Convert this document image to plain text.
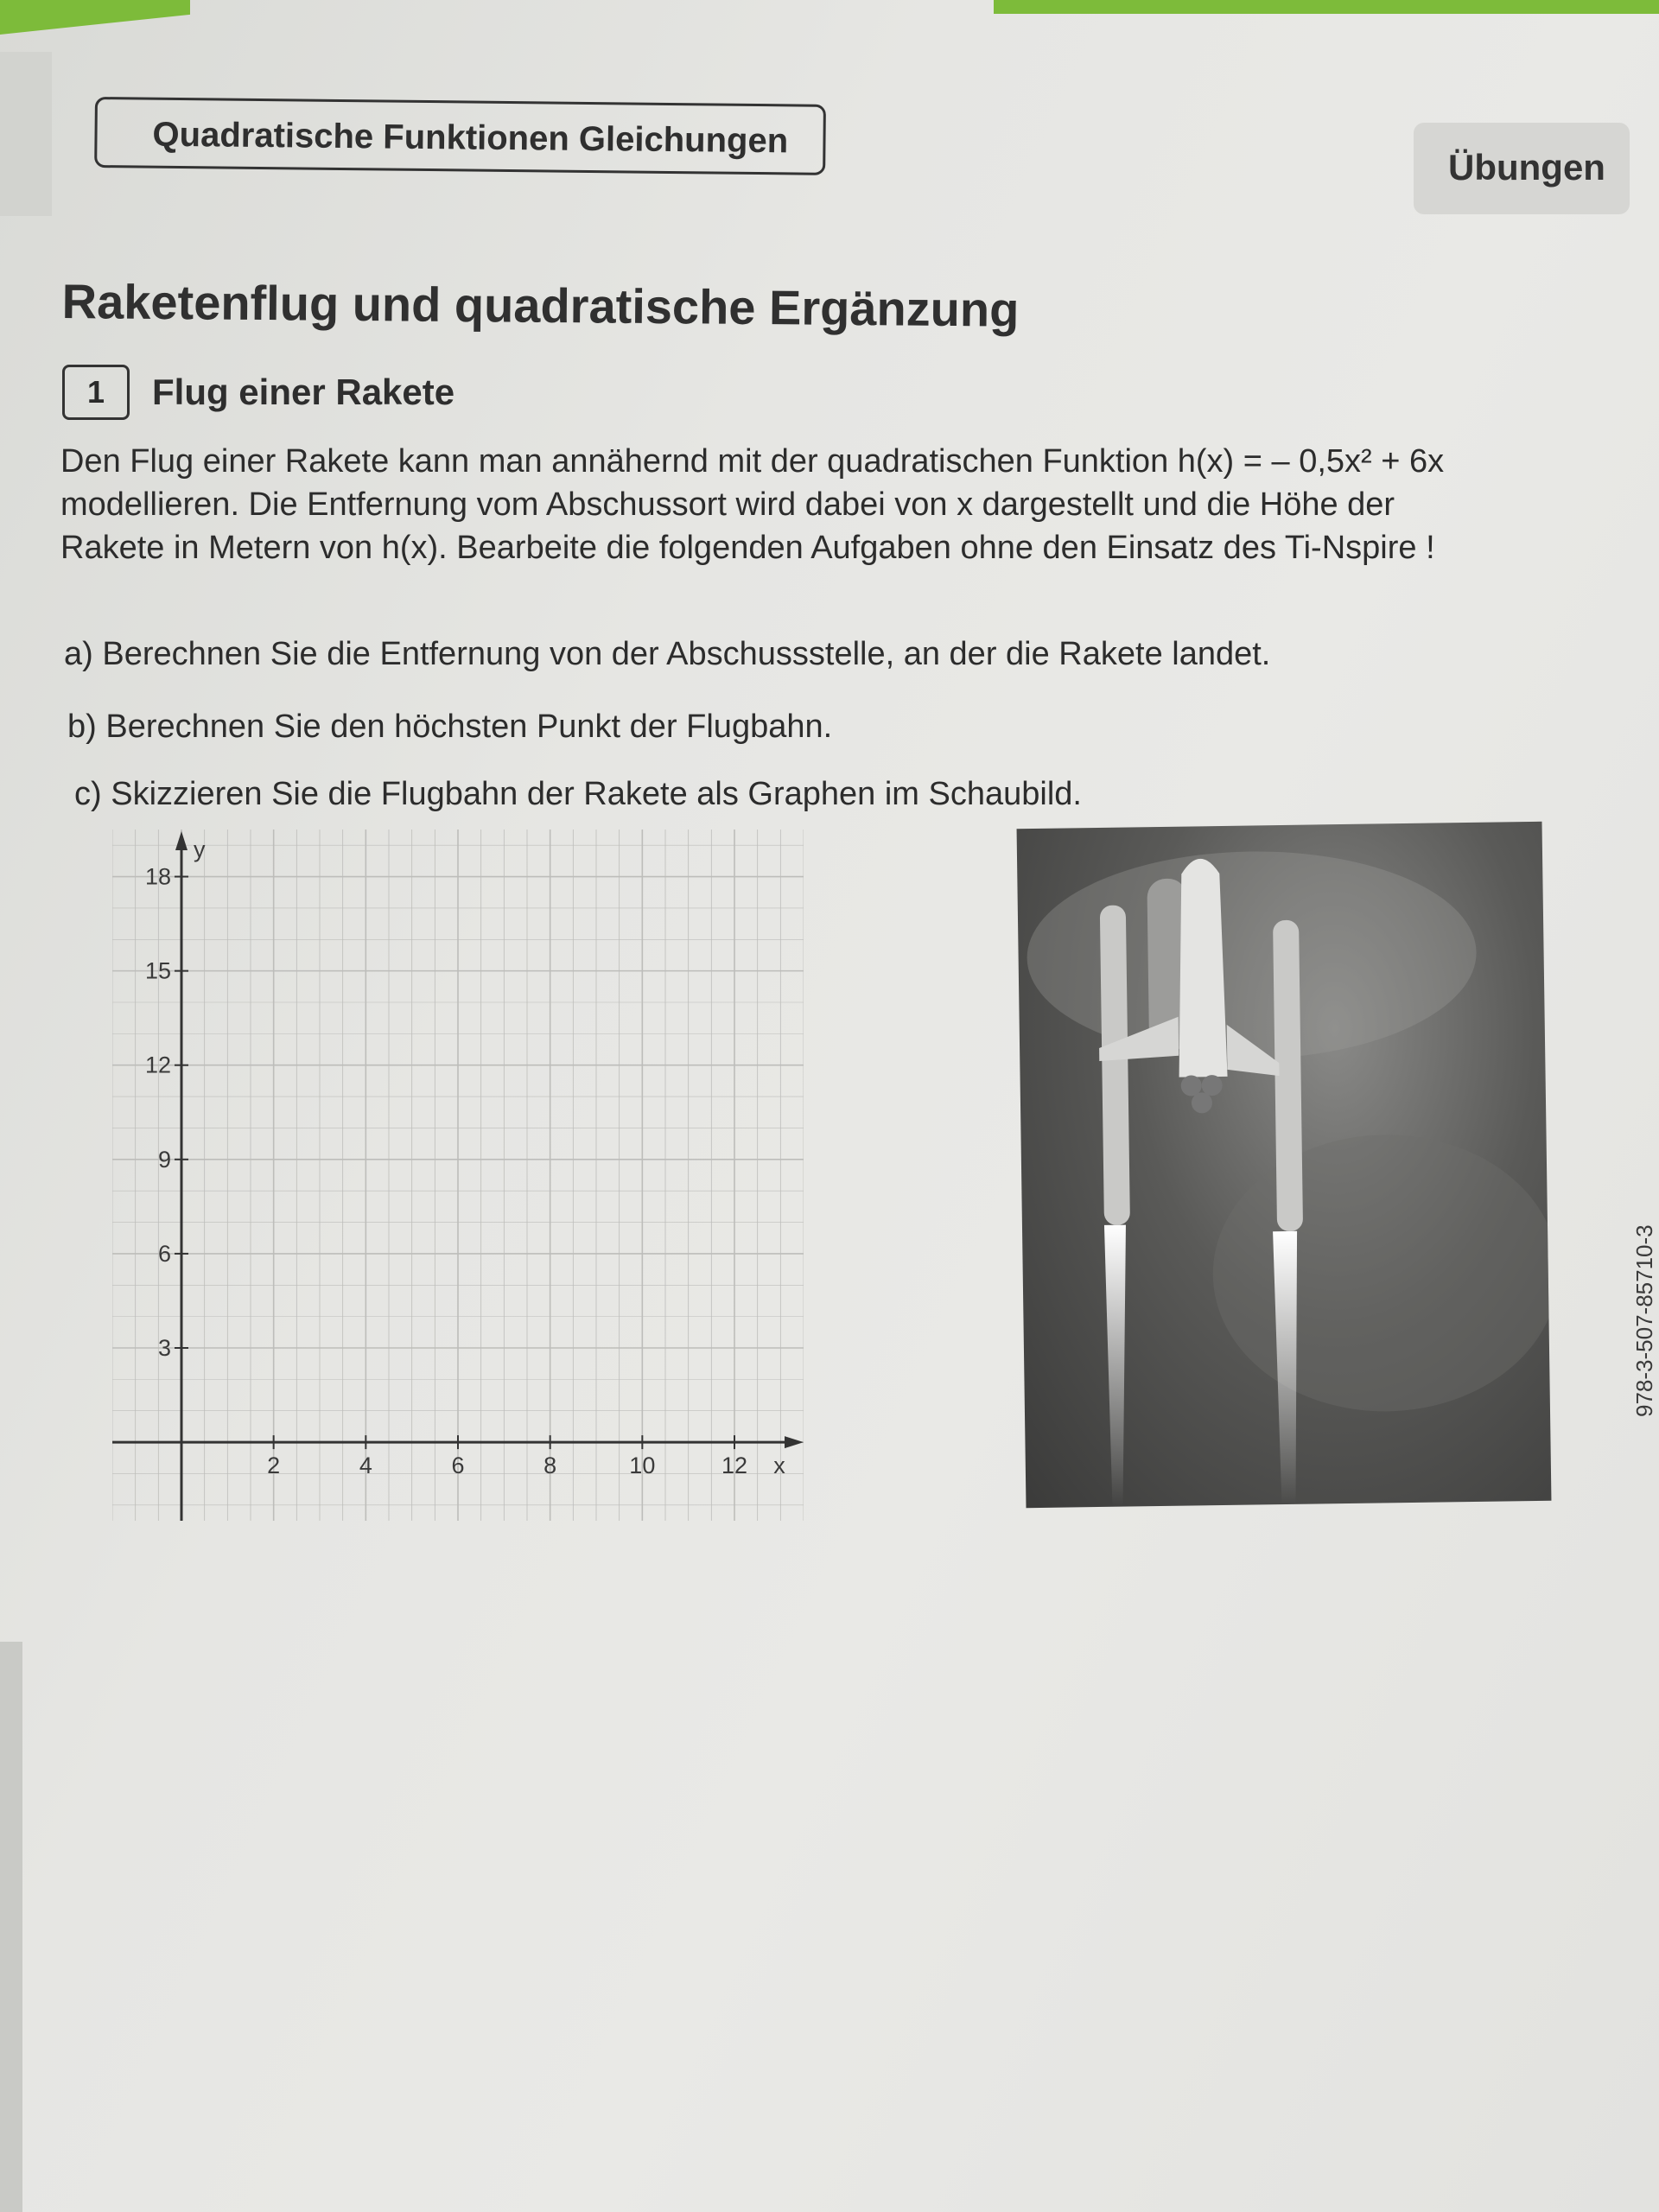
Quadratische Funktionen Gleichungen
Übungen
Raketenflug und quadratische Ergänzung
1	Flug einer Rakete
Den Flug einer Rakete kann man annähernd mit der quadratischen Funktion h(x) = – 0,5x² + 6x
modellieren. Die Entfernung vom Abschussort wird dabei von x dargestellt und die Höhe der
Rakete in Metern von h(x). Bearbeite die folgenden Aufgaben ohne den Einsatz des Ti-Nspire !
a) Berechnen Sie die Entfernung von der Abschussstelle, an der die Rakete landet.
b) Berechnen Sie den höchsten Punkt der Flugbahn.
c) Skizzieren Sie die Flugbahn der Rakete als Graphen im Schaubild.
2	4	6	8	10	12
3
6
9
12
15
18
x
y
978-3-507-85710-3
